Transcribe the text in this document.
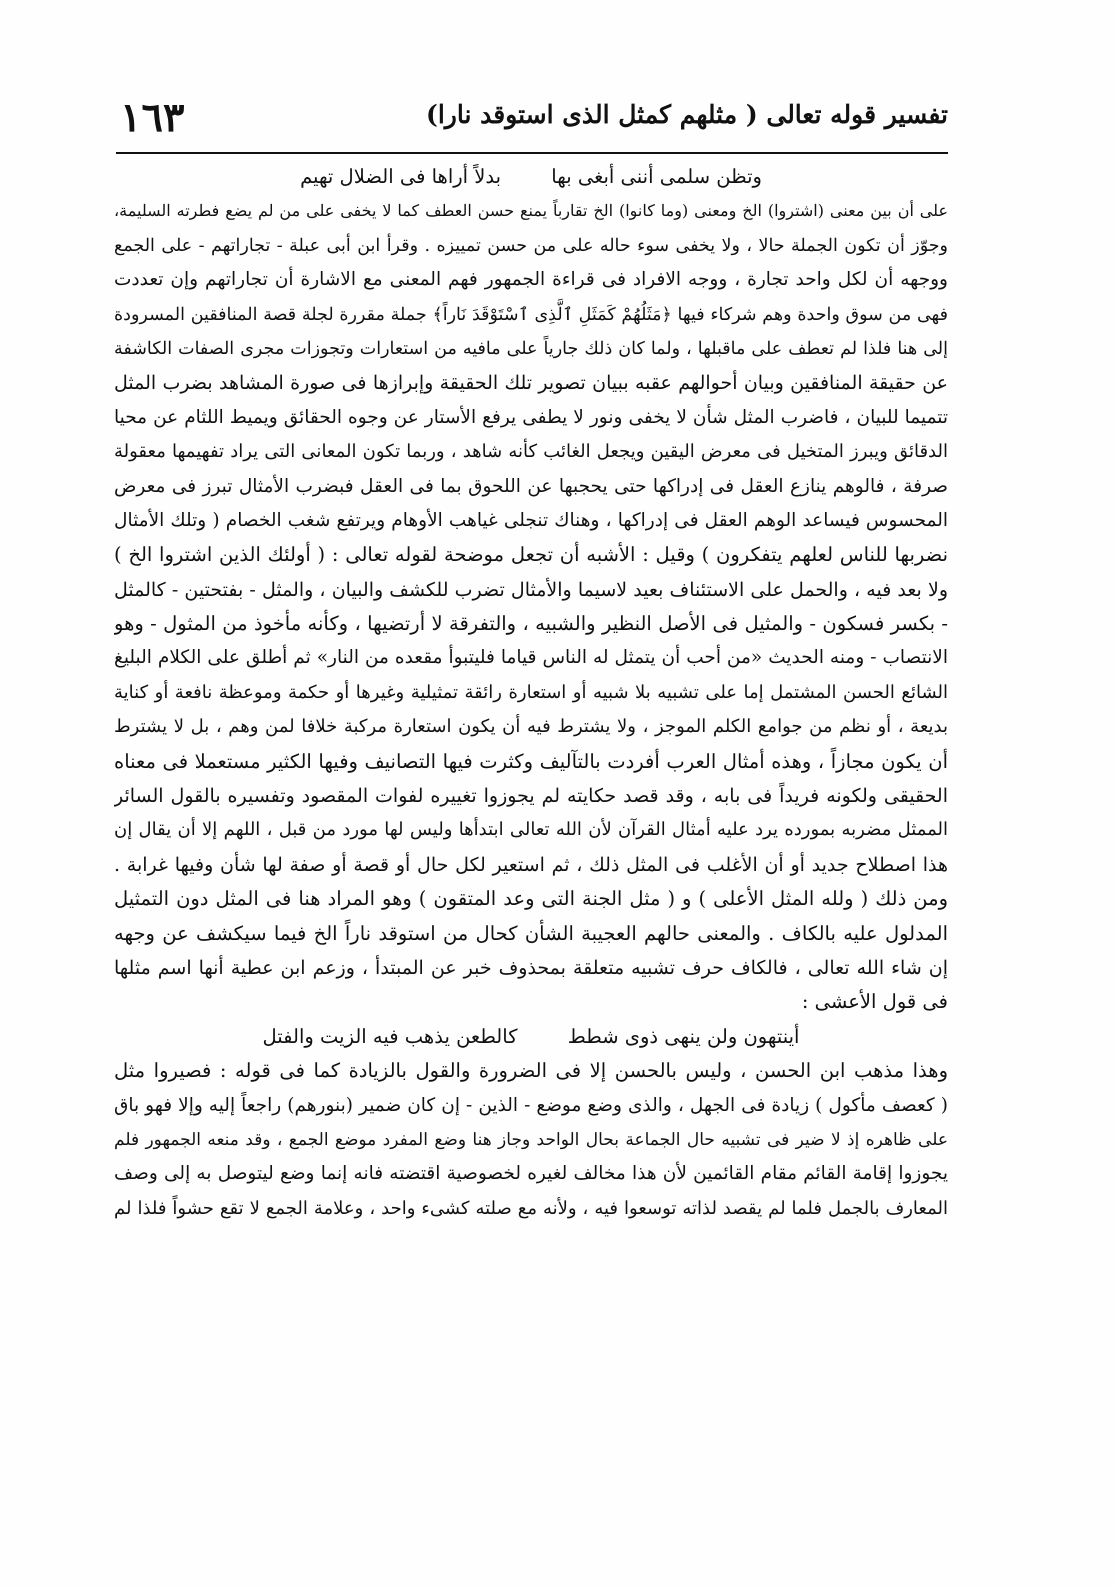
تفسير قوله تعالى ( مثلهم كمثل الذى استوقد نارا)
١٦٣
وتظن سلمى أننى أبغى بها بدلاً أراها فى الضلال تهيم
على أن بين معنى (اشتروا) الخ ومعنى (وما كانوا) الخ تقارباً يمنع حسن العطف كما لا يخفى على من لم يضع فطرته السليمة،
وجوّز أن تكون الجملة حالا ، ولا يخفى سوء حاله على من حسن تمييزه . وقرأ ابن أبى عبلة - تجاراتهم - على الجمع
ووجهه أن لكل واحد تجارة ، ووجه الافراد فى قراءة الجمهور فهم المعنى مع الاشارة أن تجاراتهم وإن تعددت
فهى من سوق واحدة وهم شركاء فيها ﴿مَثَلُهُمْ كَمَثَلِ ٱلَّذِى ٱسْتَوْقَدَ نَاراً﴾ جملة مقررة لجلة قصة المنافقين المسرودة
إلى هنا فلذا لم تعطف على ماقبلها ، ولما كان ذلك جارياً على مافيه من استعارات وتجوزات مجرى الصفات الكاشفة
عن حقيقة المنافقين وبيان أحوالهم عقبه ببيان تصوير تلك الحقيقة وإبرازها فى صورة المشاهد بضرب المثل
تتميما للبيان ، فاضرب المثل شأن لا يخفى ونور لا يطفى يرفع الأستار عن وجوه الحقائق ويميط اللثام عن محيا
الدقائق ويبرز المتخيل فى معرض اليقين ويجعل الغائب كأنه شاهد ، وربما تكون المعانى التى يراد تفهيمها معقولة
صرفة ، فالوهم ينازع العقل فى إدراكها حتى يحجبها عن اللحوق بما فى العقل فبضرب الأمثال تبرز فى معرض
المحسوس فيساعد الوهم العقل فى إدراكها ، وهناك تنجلى غياهب الأوهام ويرتفع شغب الخصام ( وتلك الأمثال
نضربها للناس لعلهم يتفكرون ) وقيل : الأشبه أن تجعل موضحة لقوله تعالى : ( أولئك الذين اشتروا الخ )
ولا بعد فيه ، والحمل على الاستئناف بعيد لاسيما والأمثال تضرب للكشف والبيان ، والمثل - بفتحتين - كالمثل
- بكسر فسكون - والمثيل فى الأصل النظير والشبيه ، والتفرقة لا أرتضيها ، وكأنه مأخوذ من المثول - وهو
الانتصاب - ومنه الحديث «من أحب أن يتمثل له الناس قياما فليتبوأ مقعده من النار» ثم أطلق على الكلام البليغ
الشائع الحسن المشتمل إما على تشبيه بلا شبيه أو استعارة رائقة تمثيلية وغيرها أو حكمة وموعظة نافعة أو كناية
بديعة ، أو نظم من جوامع الكلم الموجز ، ولا يشترط فيه أن يكون استعارة مركبة خلافا لمن وهم ، بل لا يشترط
أن يكون مجازاً ، وهذه أمثال العرب أفردت بالتآليف وكثرت فيها التصانيف وفيها الكثير مستعملا فى معناه
الحقيقى ولكونه فريداً فى بابه ، وقد قصد حكايته لم يجوزوا تغييره لفوات المقصود وتفسيره بالقول السائر
الممثل مضربه بمورده يرد عليه أمثال القرآن لأن الله تعالى ابتدأها وليس لها مورد من قبل ، اللهم إلا أن يقال إن
هذا اصطلاح جديد أو أن الأغلب فى المثل ذلك ، ثم استعير لكل حال أو قصة أو صفة لها شأن وفيها غرابة .
ومن ذلك ( ولله المثل الأعلى ) و ( مثل الجنة التى وعد المتقون ) وهو المراد هنا فى المثل دون التمثيل
المدلول عليه بالكاف . والمعنى حالهم العجيبة الشأن كحال من استوقد ناراً الخ فيما سيكشف عن وجهه
إن شاء الله تعالى ، فالكاف حرف تشبيه متعلقة بمحذوف خبر عن المبتدأ ، وزعم ابن عطية أنها اسم مثلها
فى قول الأعشى :
أينتهون ولن ينهى ذوى شطط كالطعن يذهب فيه الزيت والفتل
وهذا مذهب ابن الحسن ، وليس بالحسن إلا فى الضرورة والقول بالزيادة كما فى قوله : فصيروا مثل
( كعصف مأكول ) زيادة فى الجهل ، والذى وضع موضع - الذين - إن كان ضمير (بنورهم) راجعاً إليه وإلا فهو باق
على ظاهره إذ لا ضير فى تشبيه حال الجماعة بحال الواحد وجاز هنا وضع المفرد موضع الجمع ، وقد منعه الجمهور فلم
يجوزوا إقامة القائم مقام القائمين لأن هذا مخالف لغيره لخصوصية اقتضته فانه إنما وضع ليتوصل به إلى وصف
المعارف بالجمل فلما لم يقصد لذاته توسعوا فيه ، ولأنه مع صلته كشىء واحد ، وعلامة الجمع لا تقع حشواً فلذا لم
